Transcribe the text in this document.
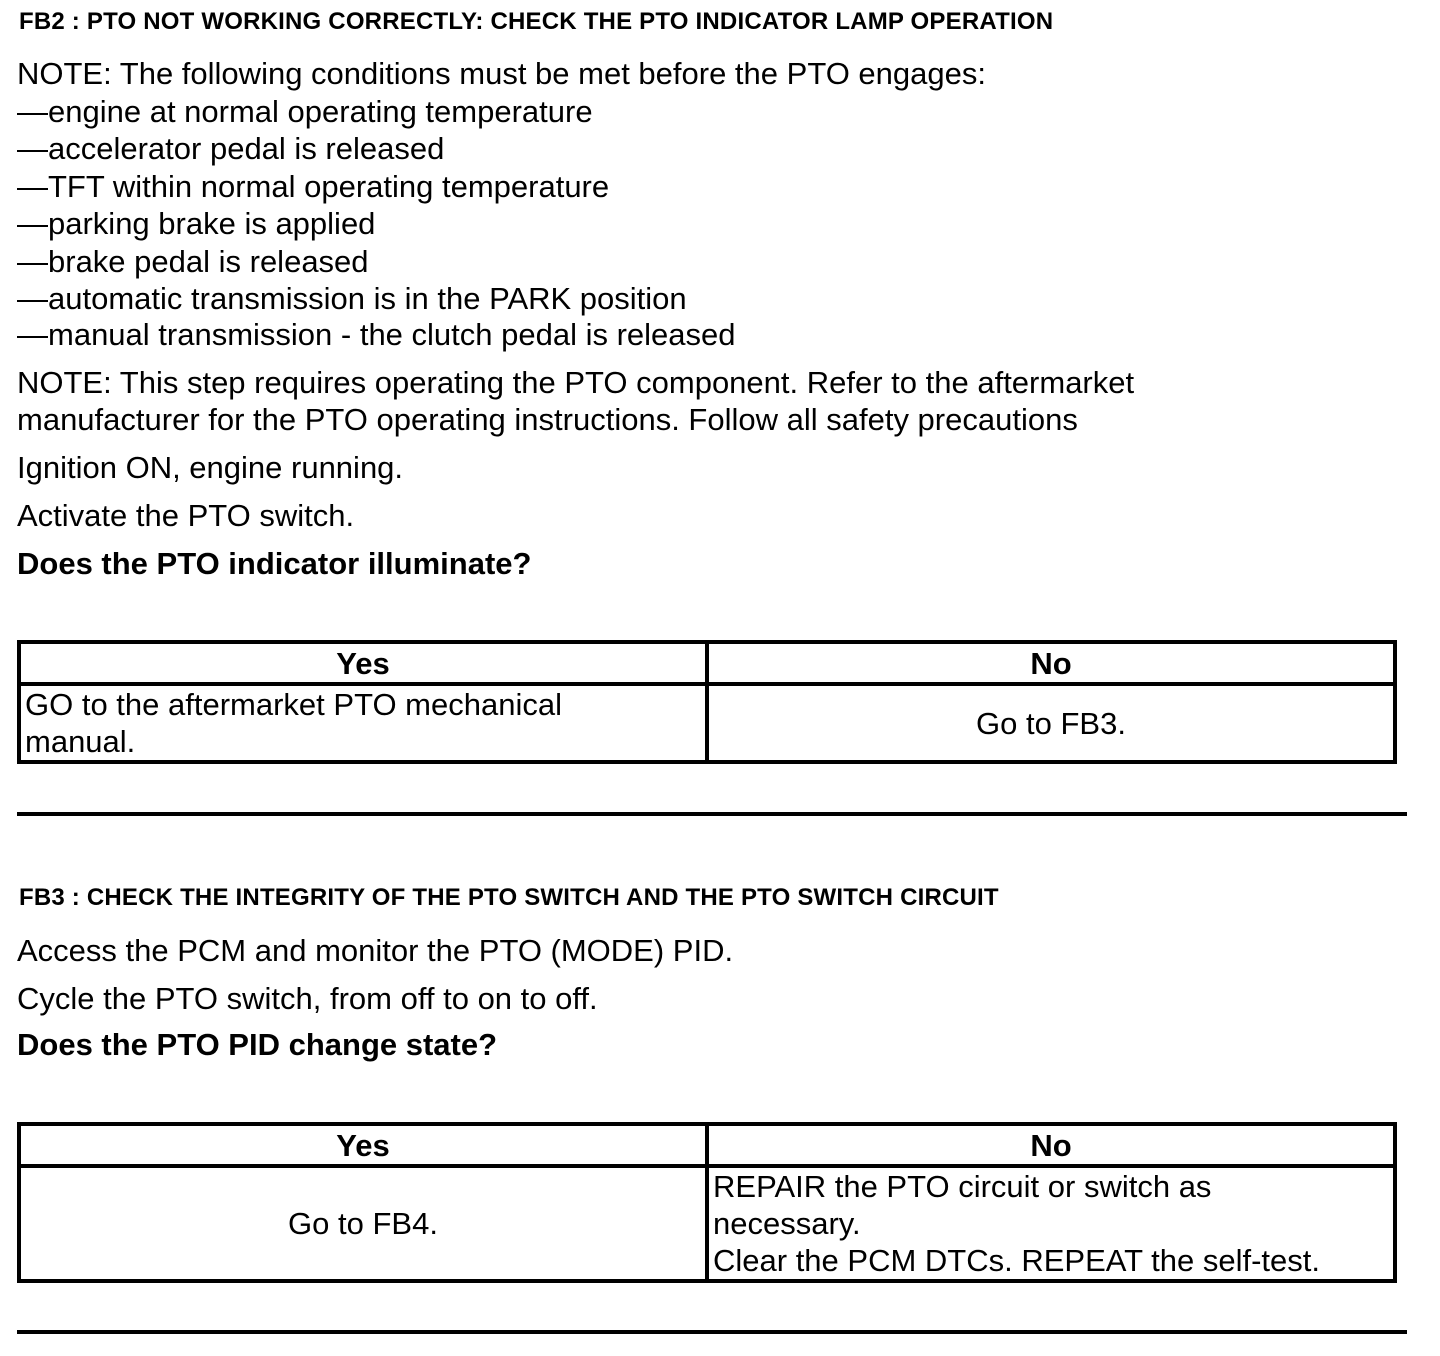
FB2 : PTO NOT WORKING CORRECTLY: CHECK THE PTO INDICATOR LAMP OPERATION

NOTE: The following conditions must be met before the PTO engages:

—engine at normal operating temperature

—accelerator pedal is released

—TFT within normal operating temperature

—parking brake is applied

—brake pedal is released

—automatic transmission is in the PARK position

—manual transmission - the clutch pedal is released

NOTE: This step requires operating the PTO component. Refer to the aftermarket

manufacturer for the PTO operating instructions. Follow all safety precautions

Ignition ON, engine running.

Activate the PTO switch.

Does the PTO indicator illuminate?

Yes	No

GO to the aftermarket PTO mechanical
manual.	Go to FB3.
FB3 : CHECK THE INTEGRITY OF THE PTO SWITCH AND THE PTO SWITCH CIRCUIT

Access the PCM and monitor the PTO (MODE) PID.

Cycle the PTO switch, from off to on to off.

Does the PTO PID change state?

Yes	No
Go to FB4.	REPAIR the PTO circuit or switch as
necessary.
Clear the PCM DTCs. REPEAT the self-test.
